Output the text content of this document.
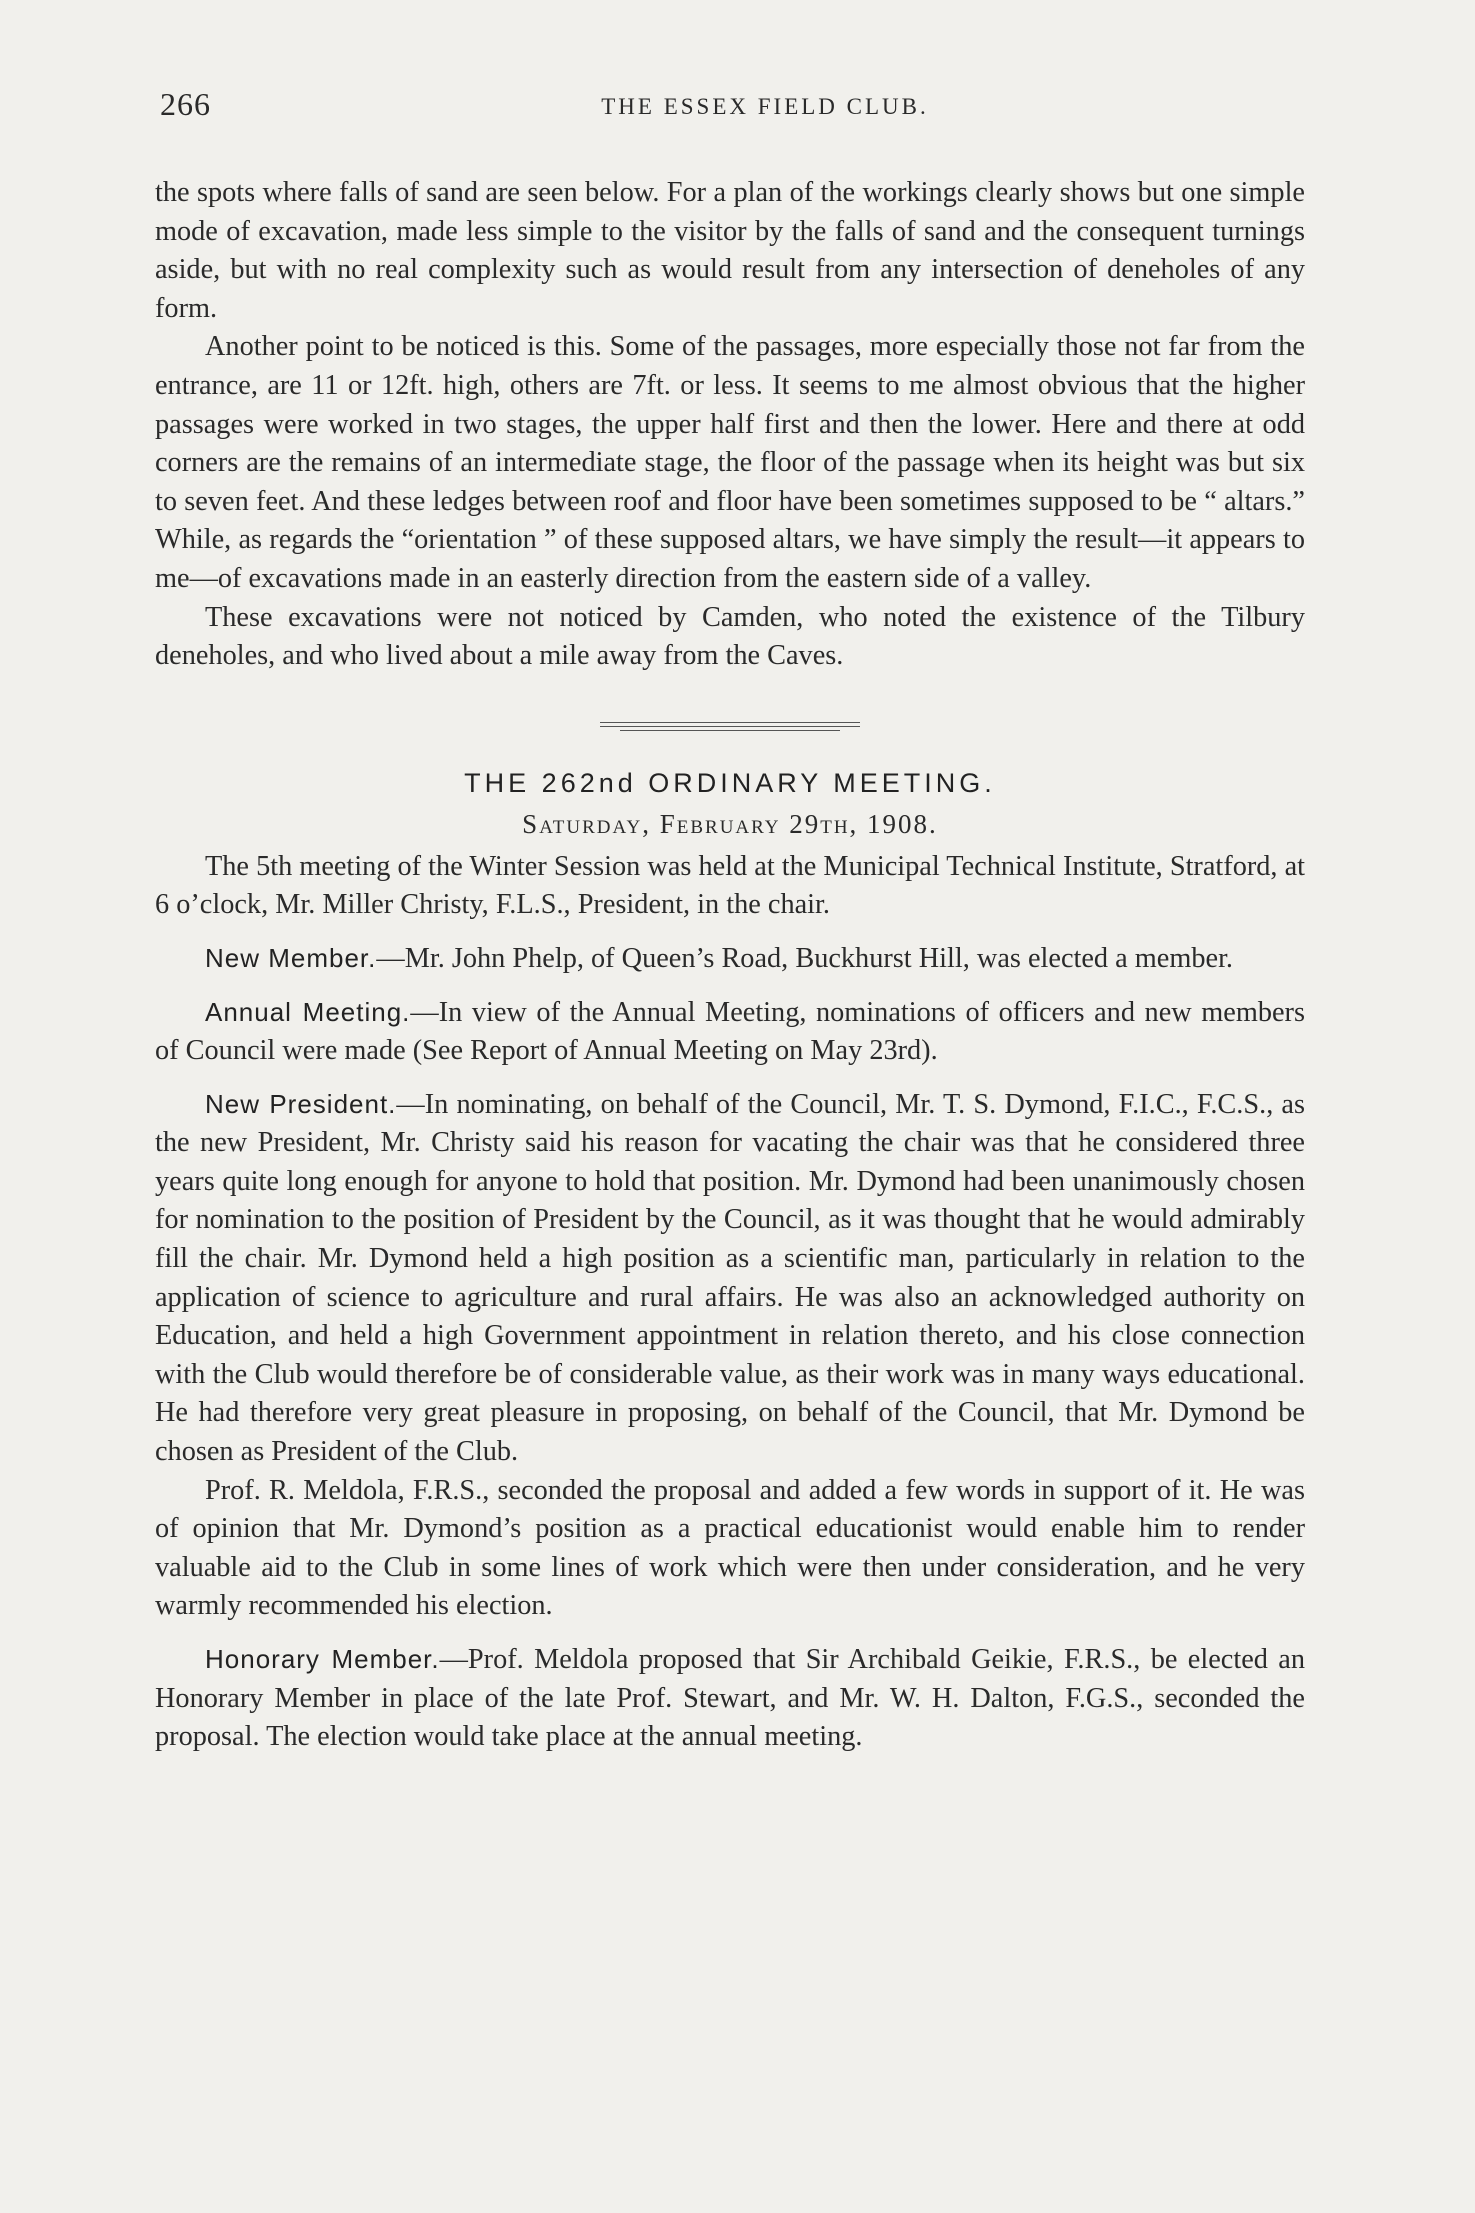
266	THE ESSEX FIELD CLUB.

the spots where falls of sand are seen below. For a plan of the workings clearly shows but one simple mode of excavation, made less simple to the visitor by the falls of sand and the consequent turnings aside, but with no real complexity such as would result from any intersection of deneholes of any form.

Another point to be noticed is this. Some of the passages, more especially those not far from the entrance, are 11 or 12ft. high, others are 7ft. or less. It seems to me almost obvious that the higher passages were worked in two stages, the upper half first and then the lower. Here and there at odd corners are the remains of an intermediate stage, the floor of the passage when its height was but six to seven feet. And these ledges between roof and floor have been sometimes supposed to be “ altars.” While, as regards the “orientation ” of these supposed altars, we have simply the result—it appears to me—of excavations made in an easterly direction from the eastern side of a valley.

These excavations were not noticed by Camden, who noted the existence of the Tilbury deneholes, and who lived about a mile away from the Caves.

THE 262nd ORDINARY MEETING.
Saturday, February 29th, 1908.

The 5th meeting of the Winter Session was held at the Municipal Technical Institute, Stratford, at 6 o’clock, Mr. Miller Christy, F.L.S., President, in the chair.

New Member.—Mr. John Phelp, of Queen’s Road, Buckhurst Hill, was elected a member.

Annual Meeting.—In view of the Annual Meeting, nominations of officers and new members of Council were made (See Report of Annual Meeting on May 23rd).

New President.—In nominating, on behalf of the Council, Mr. T. S. Dymond, F.I.C., F.C.S., as the new President, Mr. Christy said his reason for vacating the chair was that he considered three years quite long enough for anyone to hold that position. Mr. Dymond had been unanimously chosen for nomination to the position of President by the Council, as it was thought that he would admirably fill the chair. Mr. Dymond held a high position as a scientific man, particularly in relation to the application of science to agriculture and rural affairs. He was also an acknowledged authority on Education, and held a high Government appointment in relation thereto, and his close connection with the Club would therefore be of considerable value, as their work was in many ways educational. He had therefore very great pleasure in proposing, on behalf of the Council, that Mr. Dymond be chosen as President of the Club.

Prof. R. Meldola, F.R.S., seconded the proposal and added a few words in support of it. He was of opinion that Mr. Dymond’s position as a practical educationist would enable him to render valuable aid to the Club in some lines of work which were then under consideration, and he very warmly recommended his election.

Honorary Member.—Prof. Meldola proposed that Sir Archibald Geikie, F.R.S., be elected an Honorary Member in place of the late Prof. Stewart, and Mr. W. H. Dalton, F.G.S., seconded the proposal. The election would take place at the annual meeting.
